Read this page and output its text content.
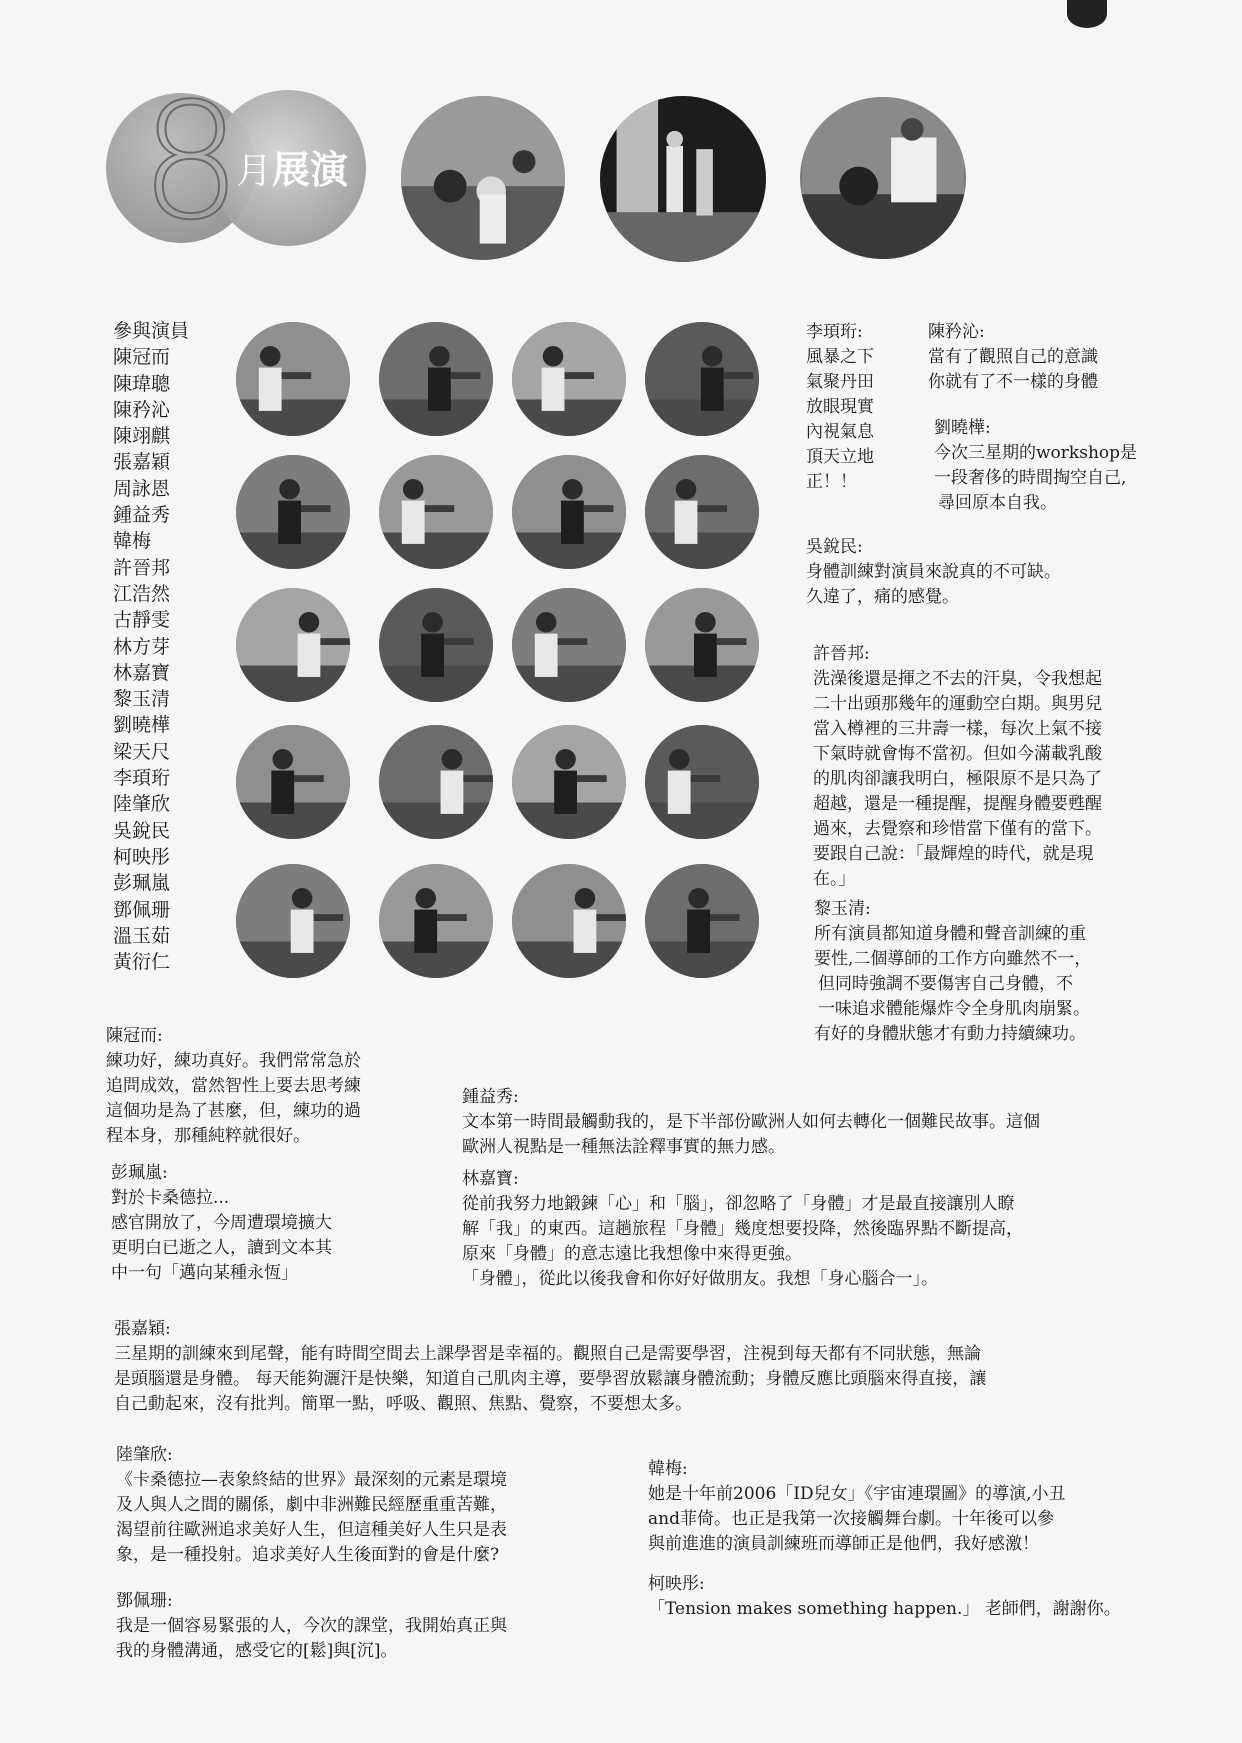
8
月展演
參與演員
陳冠而
陳瑋聰
陳矜沁
陳翊麒
張嘉穎
周詠恩
鍾益秀
韓梅
許晉邦
江浩然
古靜雯
林方芽
林嘉寶
黎玉清
劉曉樺
梁天尺
李頊珩
陸肇欣
吳銳民
柯映彤
彭珮嵐
鄧佩珊
溫玉茹
黃衍仁
李頊珩:

風暴之下

氣聚丹田

放眼現實

內視氣息

頂天立地

正！！

陳矜沁:

當有了觀照自己的意識

你就有了不一樣的身體

劉曉樺:

今次三星期的workshop是

一段奢侈的時間掏空自己,

尋回原本自我。

吳銳民:

身體訓練對演員來說真的不可缺。

久違了，痛的感覺。

許晉邦:

洗澡後還是揮之不去的汗臭，令我想起

二十出頭那幾年的運動空白期。與男兒

當入樽裡的三井壽一樣，每次上氣不接

下氣時就會悔不當初。但如今滿載乳酸

的肌肉卻讓我明白，極限原不是只為了

超越，還是一種提醒，提醒身體要甦醒

過來，去覺察和珍惜當下僅有的當下。

要跟自己說：「最輝煌的時代，就是現

在。」

黎玉清:

所有演員都知道身體和聲音訓練的重

要性,二個導師的工作方向雖然不一，

但同時強調不要傷害自己身體，不

一味追求體能爆炸令全身肌肉崩緊。

有好的身體狀態才有動力持續練功。

陳冠而:

練功好，練功真好。我們常常急於

追問成效，當然智性上要去思考練

這個功是為了甚麼，但，練功的過

程本身，那種純粹就很好。

鍾益秀:

文本第一時間最觸動我的，是下半部份歐洲人如何去轉化一個難民故事。這個

歐洲人視點是一種無法詮釋事實的無力感。

彭珮嵐:

對於卡桑德拉...

感官開放了，今周遭環境擴大

更明白已逝之人，讀到文本其

中一句「邁向某種永恆」

林嘉寶:

從前我努力地鍛鍊「心」和「腦」，卻忽略了「身體」才是最直接讓別人瞭

解「我」的東西。這趟旅程「身體」幾度想要投降，然後臨界點不斷提高，

原來「身體」的意志遠比我想像中來得更強。

「身體」，從此以後我會和你好好做朋友。我想「身心腦合一」。

張嘉穎:

三星期的訓練來到尾聲，能有時間空間去上課學習是幸福的。觀照自己是需要學習，注視到每天都有不同狀態，無論

是頭腦還是身體。 每天能夠灑汗是快樂，知道自己肌肉主導，要學習放鬆讓身體流動；身體反應比頭腦來得直接，讓

自己動起來，沒有批判。簡單一點，呼吸、觀照、焦點、覺察，不要想太多。

陸肇欣:

《卡桑德拉—表象終結的世界》最深刻的元素是環境

及人與人之間的關係，劇中非洲難民經歷重重苦難，

渴望前往歐洲追求美好人生，但這種美好人生只是表

象，是一種投射。追求美好人生後面對的會是什麼?

韓梅:

她是十年前2006「ID兒女」《宇宙連環圖》的導演,小丑

and菲倚。也正是我第一次接觸舞台劇。十年後可以參

與前進進的演員訓練班而導師正是他們，我好感激！

鄧佩珊:

我是一個容易緊張的人，今次的課堂，我開始真正與

我的身體溝通，感受它的[鬆]與[沉]。

柯映彤:

「Tension makes something happen.」 老師們，謝謝你。
